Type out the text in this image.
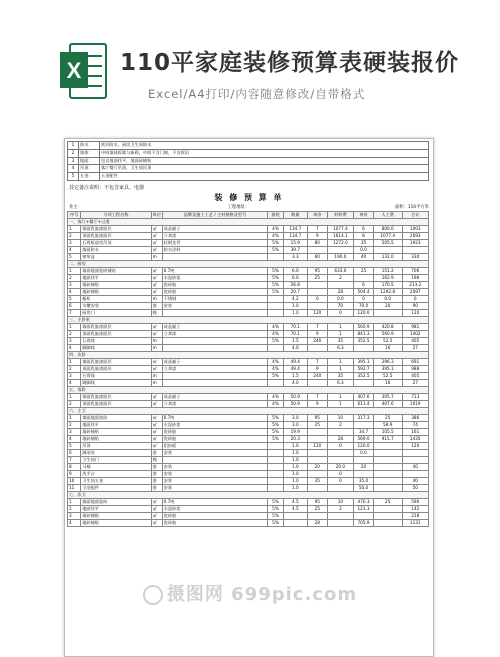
X 110平家庭装修预算表硬装报价
Excel/A4打印/内容随意修改/自带格式
1	防水：	底层防水，厨房卫生间防水
2	墙体：	中间墙体拆除与新砌，中间不含门窗，不含拆旧
3	地面：	包含地面找平，地面砖铺贴
4	吊顶：	客厅餐厅吊顶，卫生间吊顶
5	五金：	五金配件
其它备注说明：不包含家具、电器
装 修 预 算 单
业主：	工程地址：	面积：110平方米
序号	分项工程名称	单位	品牌及施工工艺 / 主材规格及型号	损耗	数量	单价	材料费	单价	人工费	合计
一、客厅+餐厅+过道										
1	墙面乳胶漆面层	㎡	成品腻子	4%	134.7	7	1077.4	6	800.0	1003
2	顶面乳胶漆面层	㎡	立邦漆	4%	134.7	9	1614.1	8	1077.4	2693
3	石膏板造型吊顶	㎡	轻钢龙骨	5%	15.9	80	1272.0	35	505.5	1923
4	墙面防水	㎡	防水涂料	5%	39.7			0.0		
5	窗帘盒	m			3.3	60	190.0	40	132.0	330
二、厨房										
1	墙面地面瓷砖铺贴	㎡	0.7吨	5%	6.0	95	633.0	25	151.2	706
2	地面找平	㎡	水泥砂浆	5%	6.0	25	2		162.9	196
3	墙砖铺贴	㎡	瓷砖胶	5%	26.8			6	170.5	213.2
4	地砖铺贴	㎡	瓷砖胶	5%	20.7		28	504.4	1292.8	2097
5	橱柜	m	不锈钢		4.2	0	0.0	0	0.0	0
6	水槽安装	套	安装		1.0		70	70.0	20	90
7	厨房门	樘			1.0	120	0	120.0		120
三、主卧室										
1	墙面乳胶漆面层	㎡	成品腻子	4%	70.1	7	1	560.9	420.8	981
2	顶面乳胶漆面层	㎡	立邦漆	4%	70.1	9	1	841.3	560.9	1402
3	石膏线	m		5%	1.5	240	35	352.5	52.5	405
4	踢脚线	m			4.0		6.3		16	27
四、次卧										
1	墙面乳胶漆面层	㎡	成品腻子	4%	49.4	7	1	395.1	296.3	691
2	顶面乳胶漆面层	㎡	立邦漆	4%	49.4	9	1	592.7	395.1	988
3	石膏线	m		5%	1.5	240	35	352.5	52.5	405
4	踢脚线	m			4.0		6.3		16	27
五、客卧										
1	墙面乳胶漆面层	㎡	成品腻子	4%	50.9	7	1	407.6	305.7	713
2	顶面乳胶漆面层	㎡	立邦漆	4%	50.9	9	1	611.4	407.6	1019
六、主卫										
1	墙面地面瓷砖	㎡	0.7吨	5%	3.0	95	10	317.3	25	386
2	地面找平	㎡	水泥砂浆	5%	3.0	25	2		58.9	74
3	墙砖铺贴	㎡	瓷砖胶	5%	19.9			34.7	105.5	161
4	地砖铺贴	㎡	瓷砖胶	5%	20.3		28	569.0	915.7	1435
5	吊顶	㎡	铝扣板		1.0	120	0	120.0		120
6	淋浴房	套	安装		1.0			0.0		
7	卫生间门	樘			1.0					
8	马桶	套	安装		1.0	20	20.0	20		40
9	洗手台	套	安装		1.0		0			
10	卫生间五金	套	安装		1.0	35	0	35.0		40
11	卫浴配件	套	安装		1.0			50.0		50
七、次卫										
1	墙面地面瓷砖	㎡	0.7吨	5%	4.5	95	10	476.3	25	590
2	地面找平	㎡	水泥砂浆	5%	4.5	25	2	121.3		142
3	墙砖铺贴	㎡	瓷砖胶	5%						218
4	地砖铺贴	㎡	瓷砖胶	5%		28		705.9		1131
摄图网 699pic.com
